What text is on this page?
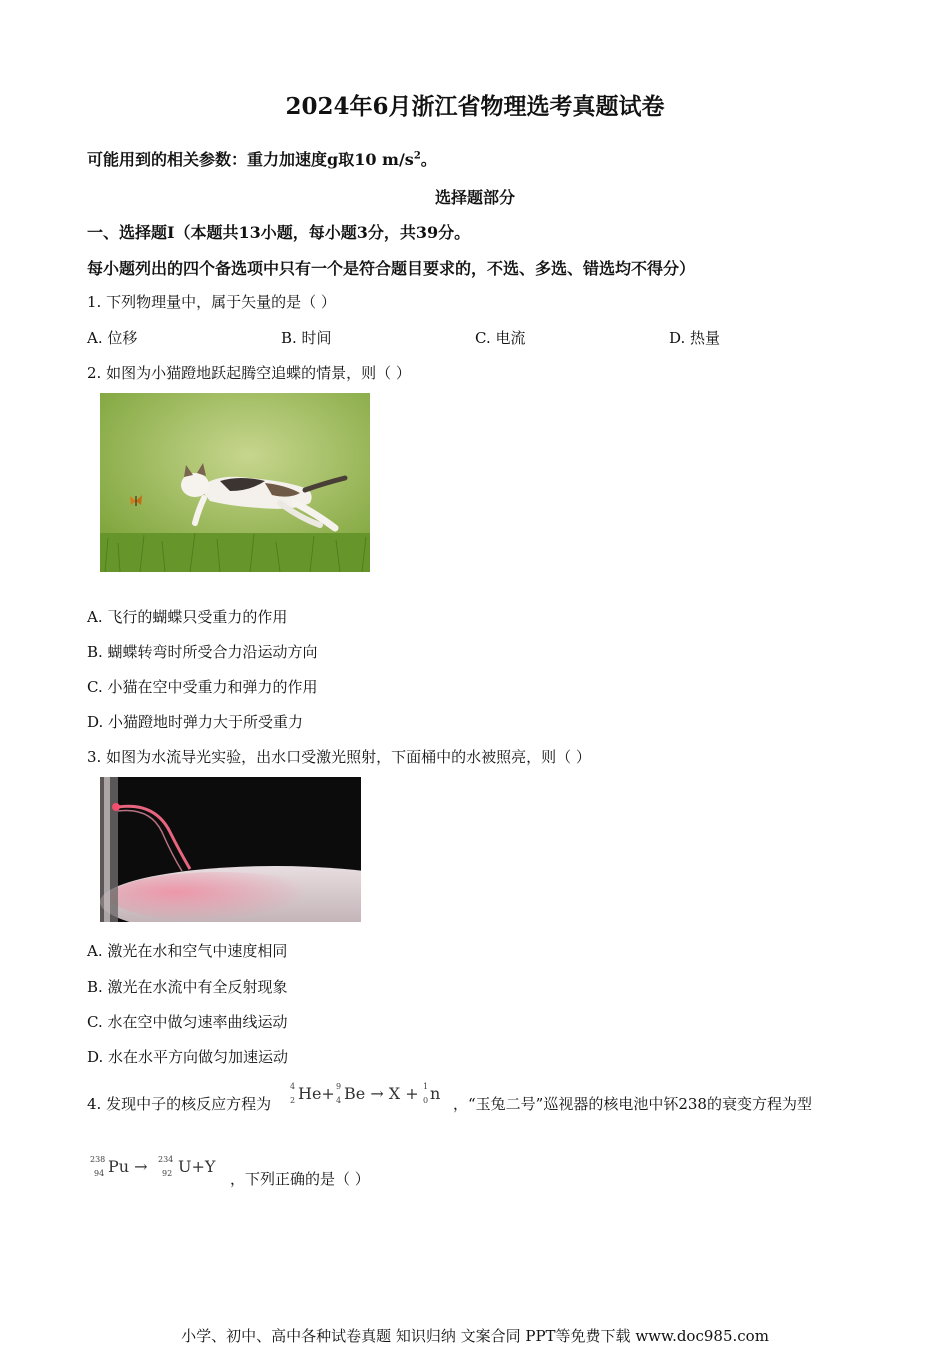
2024年6月浙江省物理选考真题试卷
可能用到的相关参数：重力加速度g取10 $m/s^2$。
选择题部分
一、选择题Ⅰ（本题共13小题，每小题3分，共39分。
每小题列出的四个备选项中只有一个是符合题目要求的，不选、多选、错选均不得分）
1. 下列物理量中，属于矢量的是（ ）
A. 位移	B. 时间	C. 电流	D. 热量
2. 如图为小猫蹬地跃起腾空追蝶的情景，则（ ）
A. 飞行的蝴蝶只受重力的作用
B. 蝴蝶转弯时所受合力沿运动方向
C. 小猫在空中受重力和弹力的作用
D. 小猫蹬地时弹力大于所受重力
3. 如图为水流导光实验，出水口受激光照射，下面桶中的水被照亮，则（ ）
A. 激光在水和空气中速度相同
B. 激光在水流中有全反射现象
C. 水在空中做匀速率曲线运动
D. 水在水平方向做匀加速运动
4. 发现中子的核反应方程为
4
2 He+ 9
4 Be → X + 1
0 n
，“玉兔二号”巡视器的核电池中钚238的衰变方程为型
238
94 Pu → 234
92 U+Y
，下列正确的是（ ）
小学、初中、高中各种试卷真题 知识归纳 文案合同 PPT等免费下载 www.doc985.com
